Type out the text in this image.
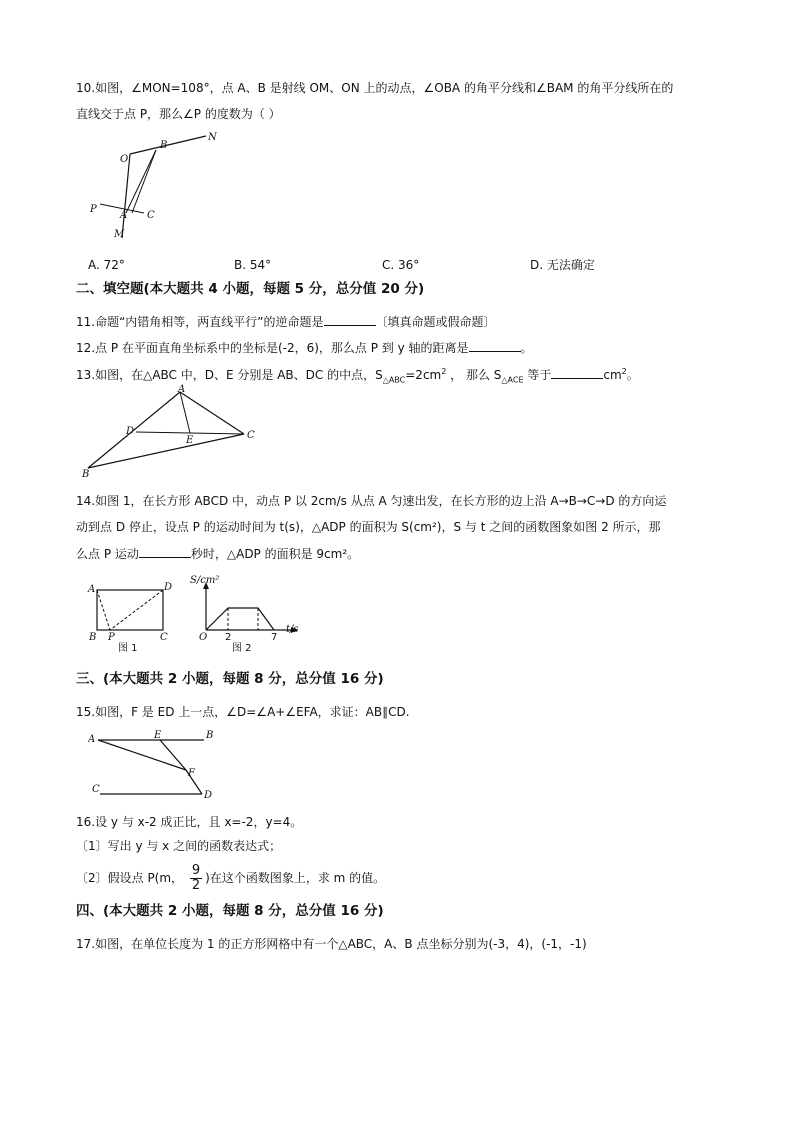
10.如图，∠MON=108°，点 A、B 是射线 OM、ON 上的动点，∠OBA 的角平分线和∠BAM 的角平分线所在的
直线交于点 P，那么∠P 的度数为（ ）
O
B
N
P
A C
M
A. 72°	B. 54°	C. 36°	D. 无法确定
二、填空题(本大题共 4 小题，每题 5 分，总分值 20 分)
11.命题“内错角相等，两直线平行”的逆命题是	〔填真命题或假命题〕
12.点 P 在平面直角坐标系中的坐标是(-2，6)，那么点 P 到 y 轴的距离是	。
13.如图，在△ABC 中，D、E 分别是 AB、DC 的中点，$S_{\triangle ABC}=2cm^2$ ， 那么 $S_{\triangle ACE}$ 等于	$cm^2$。
A
D
E	C
B
14.如图 1，在长方形 ABCD 中，动点 P 以 2cm/s 从点 A 匀速出发，在长方形的边上沿 A→B→C→D 的方向运
动到点 D 停止，设点 P 的运动时间为 t(s)，△ADP 的面积为 S(cm²)，S 与 t 之间的函数图象如图 2 所示，那
么点 P 运动	秒时，△ADP 的面积是 9cm²。
A	D
B P	C
图 1
S/cm²
O 2	7
t/s
图 2
三、(本大题共 2 小题，每题 8 分，总分值 16 分)
15.如图，F 是 ED 上一点，∠D=∠A+∠EFA，求证：AB∥CD.
A	E	B
F
C
D
16.设 y 与 x-2 成正比，且 x=-2，y=4。
〔1〕写出 y 与 x 之间的函数表达式；
〔2〕假设点 P(m， $\frac{9}{2}$ )在这个函数图象上，求 m 的值。
四、(本大题共 2 小题，每题 8 分，总分值 16 分)
17.如图，在单位长度为 1 的正方形网格中有一个△ABC，A、B 点坐标分别为(-3，4)，(-1，-1)
